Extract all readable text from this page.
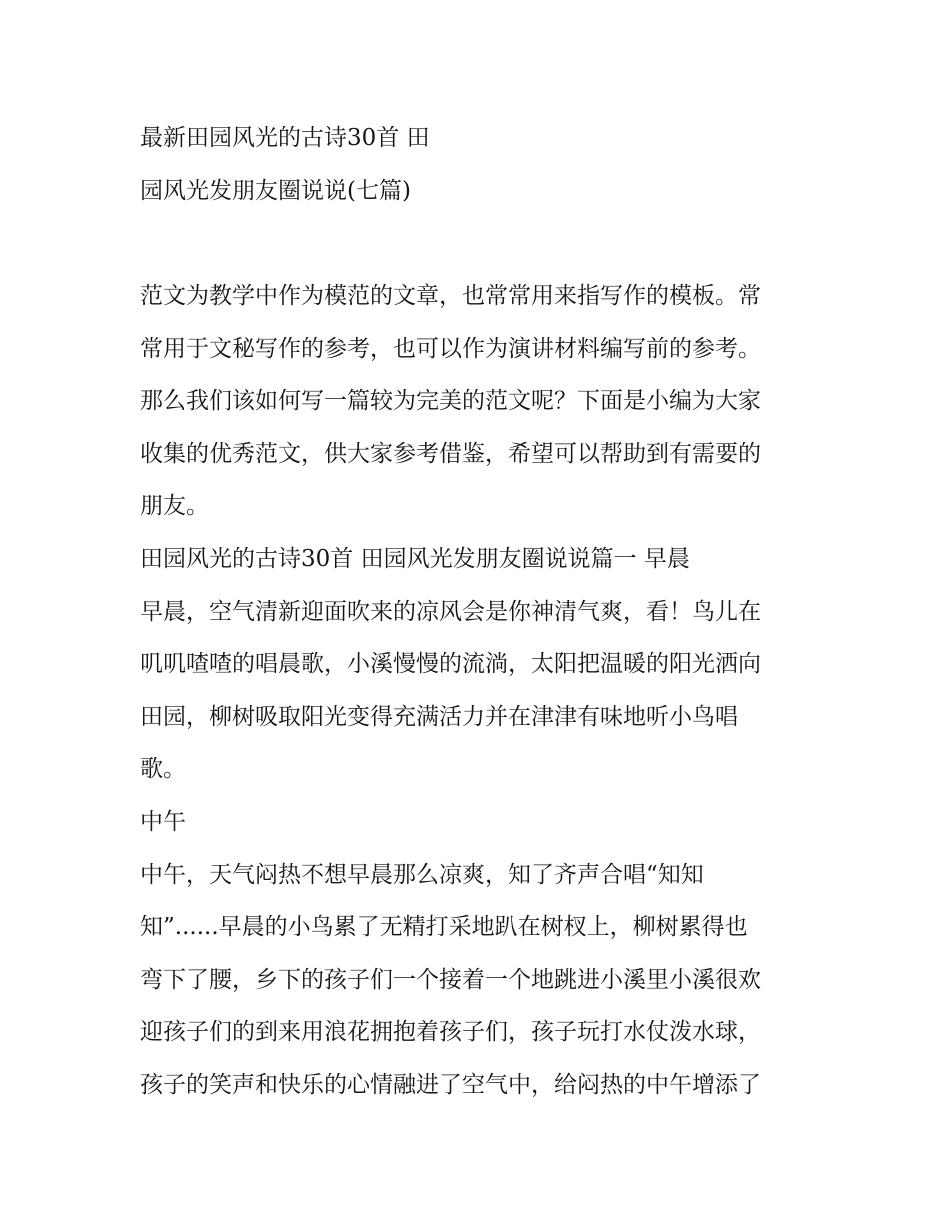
最新田园风光的古诗30首 田
园风光发朋友圈说说(七篇)
范文为教学中作为模范的文章，也常常用来指写作的模板。常
常用于文秘写作的参考，也可以作为演讲材料编写前的参考。
那么我们该如何写一篇较为完美的范文呢？下面是小编为大家
收集的优秀范文，供大家参考借鉴，希望可以帮助到有需要的
朋友。
田园风光的古诗30首 田园风光发朋友圈说说篇一 早晨
早晨，空气清新迎面吹来的凉风会是你神清气爽，看！鸟儿在
叽叽喳喳的唱晨歌，小溪慢慢的流淌，太阳把温暖的阳光洒向
田园，柳树吸取阳光变得充满活力并在津津有味地听小鸟唱
歌。
中午
中午，天气闷热不想早晨那么凉爽，知了齐声合唱“知知
知”......早晨的小鸟累了无精打采地趴在树杈上，柳树累得也
弯下了腰，乡下的孩子们一个接着一个地跳进小溪里小溪很欢
迎孩子们的到来用浪花拥抱着孩子们，孩子玩打水仗泼水球，
孩子的笑声和快乐的心情融进了空气中，给闷热的中午增添了
